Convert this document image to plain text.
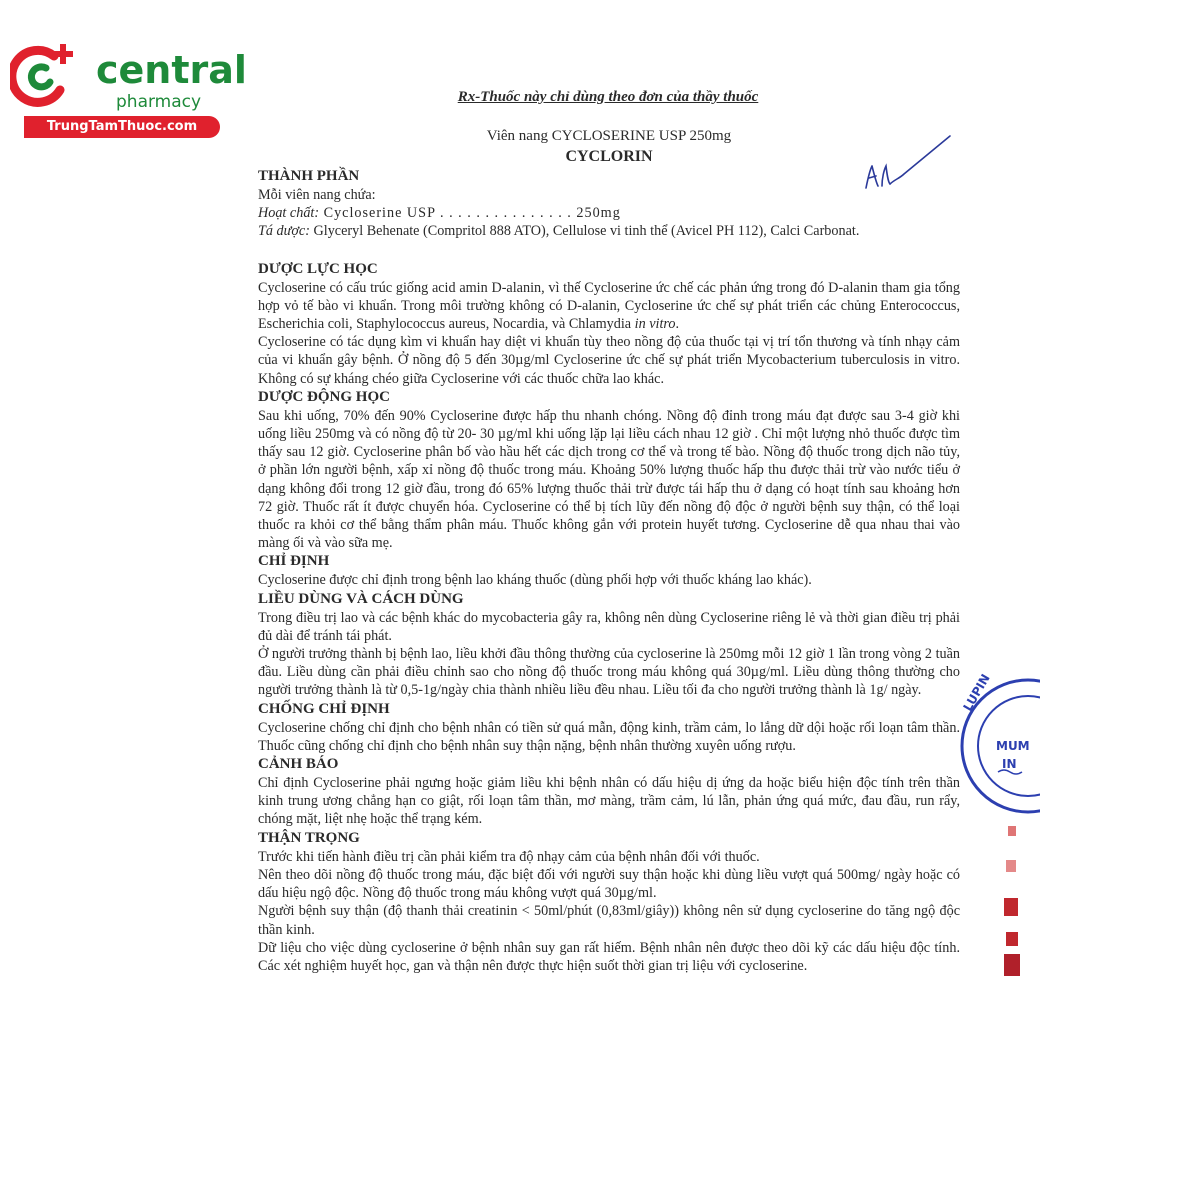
central
pharmacy
TrungTamThuoc.com
LUPIN
MUM
IN
Rx-Thuốc này chỉ dùng theo đơn của thầy thuốc
Viên nang CYCLOSERINE USP 250mg
CYCLORIN
THÀNH PHẦN
Mỗi viên nang chứa:
Hoạt chất: Cycloserine USP . . . . . . . . . . . . . . . 250mg
Tá dược: Glyceryl Behenate (Compritol 888 ATO), Cellulose vi tinh thể (Avicel PH 112), Calci Carbonat.
DƯỢC LỰC HỌC
Cycloserine có cấu trúc giống acid amin D-alanin, vì thế Cycloserine ức chế các phản ứng trong đó D-alanin tham gia tổng hợp vỏ tế bào vi khuẩn. Trong môi trường không có D-alanin, Cycloserine ức chế sự phát triển các chủng Enterococcus, Escherichia coli, Staphylococcus aureus, Nocardia, và Chlamydia in vitro.
Cycloserine có tác dụng kìm vi khuẩn hay diệt vi khuẩn tùy theo nồng độ của thuốc tại vị trí tổn thương và tính nhạy cảm của vi khuẩn gây bệnh. Ở nồng độ 5 đến 30µg/ml Cycloserine ức chế sự phát triển Mycobacterium tuberculosis in vitro. Không có sự kháng chéo giữa Cycloserine với các thuốc chữa lao khác.
DƯỢC ĐỘNG HỌC
Sau khi uống, 70% đến 90% Cycloserine được hấp thu nhanh chóng. Nồng độ đỉnh trong máu đạt được sau 3-4 giờ khi uống liều 250mg và có nồng độ từ 20- 30 µg/ml khi uống lặp lại liều cách nhau 12 giờ . Chỉ một lượng nhỏ thuốc được tìm thấy sau 12 giờ. Cycloserine phân bố vào hầu hết các dịch trong cơ thể và trong tế bào. Nồng độ thuốc trong dịch não tủy, ở phần lớn người bệnh, xấp xỉ nồng độ thuốc trong máu. Khoảng 50% lượng thuốc hấp thu được thải trừ vào nước tiểu ở dạng không đổi trong 12 giờ đầu, trong đó 65% lượng thuốc thải trừ được tái hấp thu ở dạng có hoạt tính sau khoảng hơn 72 giờ. Thuốc rất ít được chuyển hóa. Cycloserine có thể bị tích lũy đến nồng độ độc ở người bệnh suy thận, có thể loại thuốc ra khỏi cơ thể bằng thẩm phân máu. Thuốc không gắn với protein huyết tương. Cycloserine dễ qua nhau thai vào màng ối và vào sữa mẹ.
CHỈ ĐỊNH
Cycloserine được chỉ định trong bệnh lao kháng thuốc (dùng phối hợp với thuốc kháng lao khác).
LIỀU DÙNG VÀ CÁCH DÙNG
Trong điều trị lao và các bệnh khác do mycobacteria gây ra, không nên dùng Cycloserine riêng lẻ và thời gian điều trị phải đủ dài để tránh tái phát.
Ở người trưởng thành bị bệnh lao, liều khởi đầu thông thường của cycloserine là 250mg mỗi 12 giờ 1 lần trong vòng 2 tuần đầu. Liều dùng cần phải điều chỉnh sao cho nồng độ thuốc trong máu không quá 30µg/ml. Liều dùng thông thường cho người trưởng thành là từ 0,5-1g/ngày chia thành nhiều liều đều nhau. Liều tối đa cho người trưởng thành là 1g/ ngày.
CHỐNG CHỈ ĐỊNH
Cycloserine chống chỉ định cho bệnh nhân có tiền sử quá mẫn, động kinh, trầm cảm, lo lắng dữ dội hoặc rối loạn tâm thần. Thuốc cũng chống chỉ định cho bệnh nhân suy thận nặng, bệnh nhân thường xuyên uống rượu.
CẢNH BÁO
Chỉ định Cycloserine phải ngưng hoặc giảm liều khi bệnh nhân có dấu hiệu dị ứng da hoặc biểu hiện độc tính trên thần kinh trung ương chẳng hạn co giật, rối loạn tâm thần, mơ màng, trầm cảm, lú lẫn, phản ứng quá mức, đau đầu, run rẩy, chóng mặt, liệt nhẹ hoặc thể trạng kém.
THẬN TRỌNG
Trước khi tiến hành điều trị cần phải kiểm tra độ nhạy cảm của bệnh nhân đối với thuốc.
Nên theo dõi nồng độ thuốc trong máu, đặc biệt đối với người suy thận hoặc khi dùng liều vượt quá 500mg/ ngày hoặc có dấu hiệu ngộ độc. Nồng độ thuốc trong máu không vượt quá 30µg/ml.
Người bệnh suy thận (độ thanh thải creatinin < 50ml/phút (0,83ml/giây)) không nên sử dụng cycloserine do tăng ngộ độc thần kinh.
Dữ liệu cho việc dùng cycloserine ở bệnh nhân suy gan rất hiếm. Bệnh nhân nên được theo dõi kỹ các dấu hiệu độc tính. Các xét nghiệm huyết học, gan và thận nên được thực hiện suốt thời gian trị liệu với cycloserine.
